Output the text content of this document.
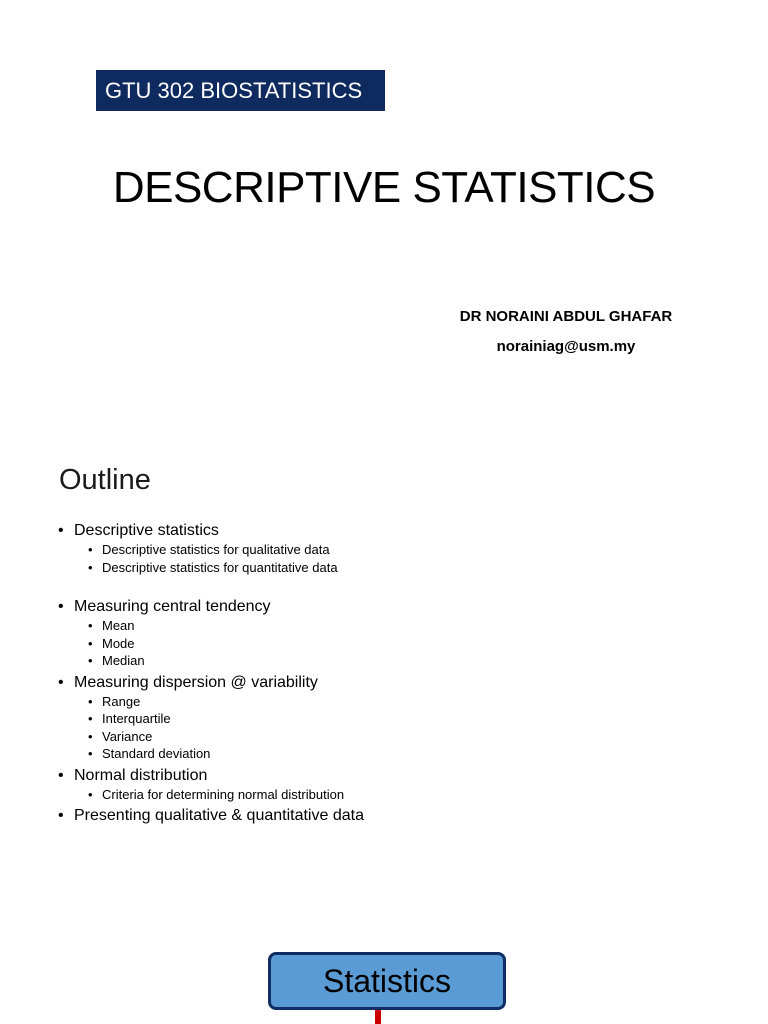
GTU 302 BIOSTATISTICS
DESCRIPTIVE STATISTICS
DR NORAINI ABDUL GHAFAR
norainiag@usm.my
Outline
• Descriptive statistics
• Descriptive statistics for qualitative data
• Descriptive statistics for quantitative data
• Measuring central tendency
• Mean
• Mode
• Median
• Measuring dispersion @ variability
• Range
• Interquartile
• Variance
• Standard deviation
• Normal distribution
• Criteria for determining normal distribution
• Presenting qualitative & quantitative data
Statistics
